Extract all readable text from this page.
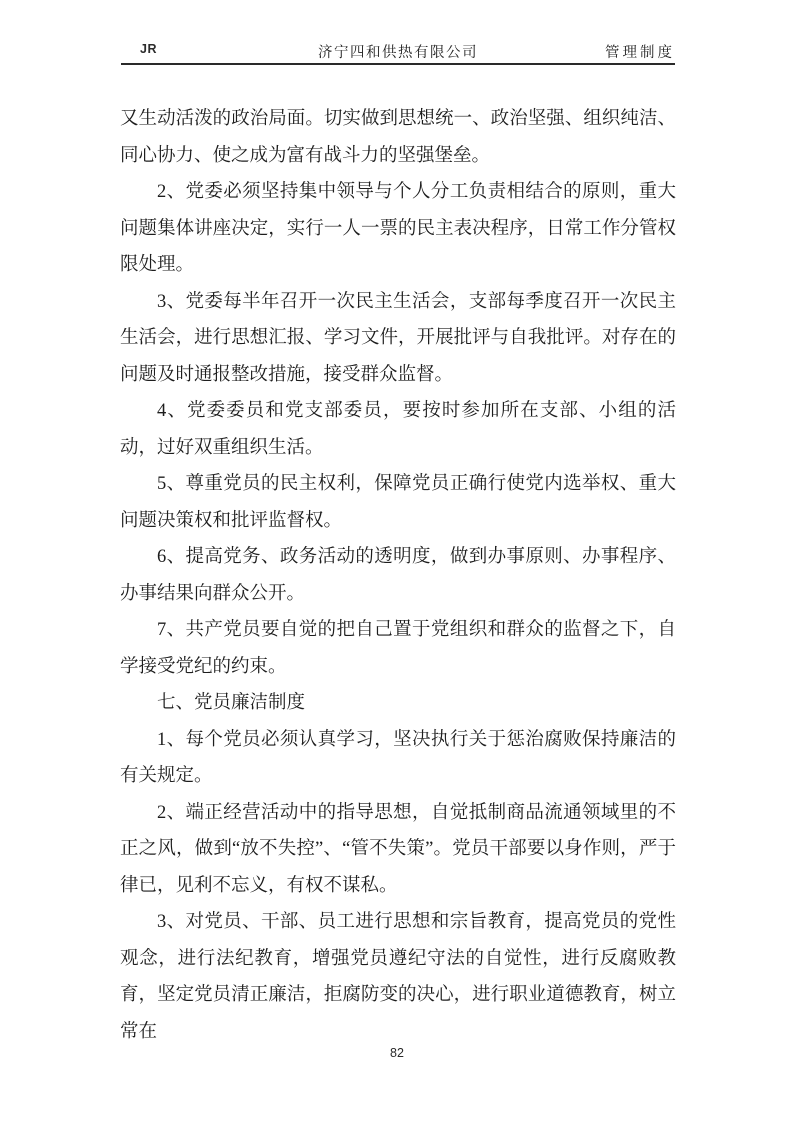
JR	济宁四和供热有限公司	管理制度

又生动活泼的政治局面。切实做到思想统一、政治坚强、组织纯洁、同心协力、使之成为富有战斗力的坚强堡垒。

2、党委必须坚持集中领导与个人分工负责相结合的原则，重大问题集体讲座决定，实行一人一票的民主表决程序，日常工作分管权限处理。

3、党委每半年召开一次民主生活会，支部每季度召开一次民主生活会，进行思想汇报、学习文件，开展批评与自我批评。对存在的问题及时通报整改措施，接受群众监督。

4、党委委员和党支部委员，要按时参加所在支部、小组的活动，过好双重组织生活。

5、尊重党员的民主权利，保障党员正确行使党内选举权、重大问题决策权和批评监督权。

6、提高党务、政务活动的透明度，做到办事原则、办事程序、办事结果向群众公开。

7、共产党员要自觉的把自己置于党组织和群众的监督之下，自学接受党纪的约束。

七、党员廉洁制度

1、每个党员必须认真学习，坚决执行关于惩治腐败保持廉洁的有关规定。

2、端正经营活动中的指导思想，自觉抵制商品流通领域里的不正之风，做到“放不失控”、“管不失策”。党员干部要以身作则，严于律已，见利不忘义，有权不谋私。

3、对党员、干部、员工进行思想和宗旨教育，提高党员的党性观念，进行法纪教育，增强党员遵纪守法的自觉性，进行反腐败教育，坚定党员清正廉洁，拒腐防变的决心，进行职业道德教育，树立常在

82
